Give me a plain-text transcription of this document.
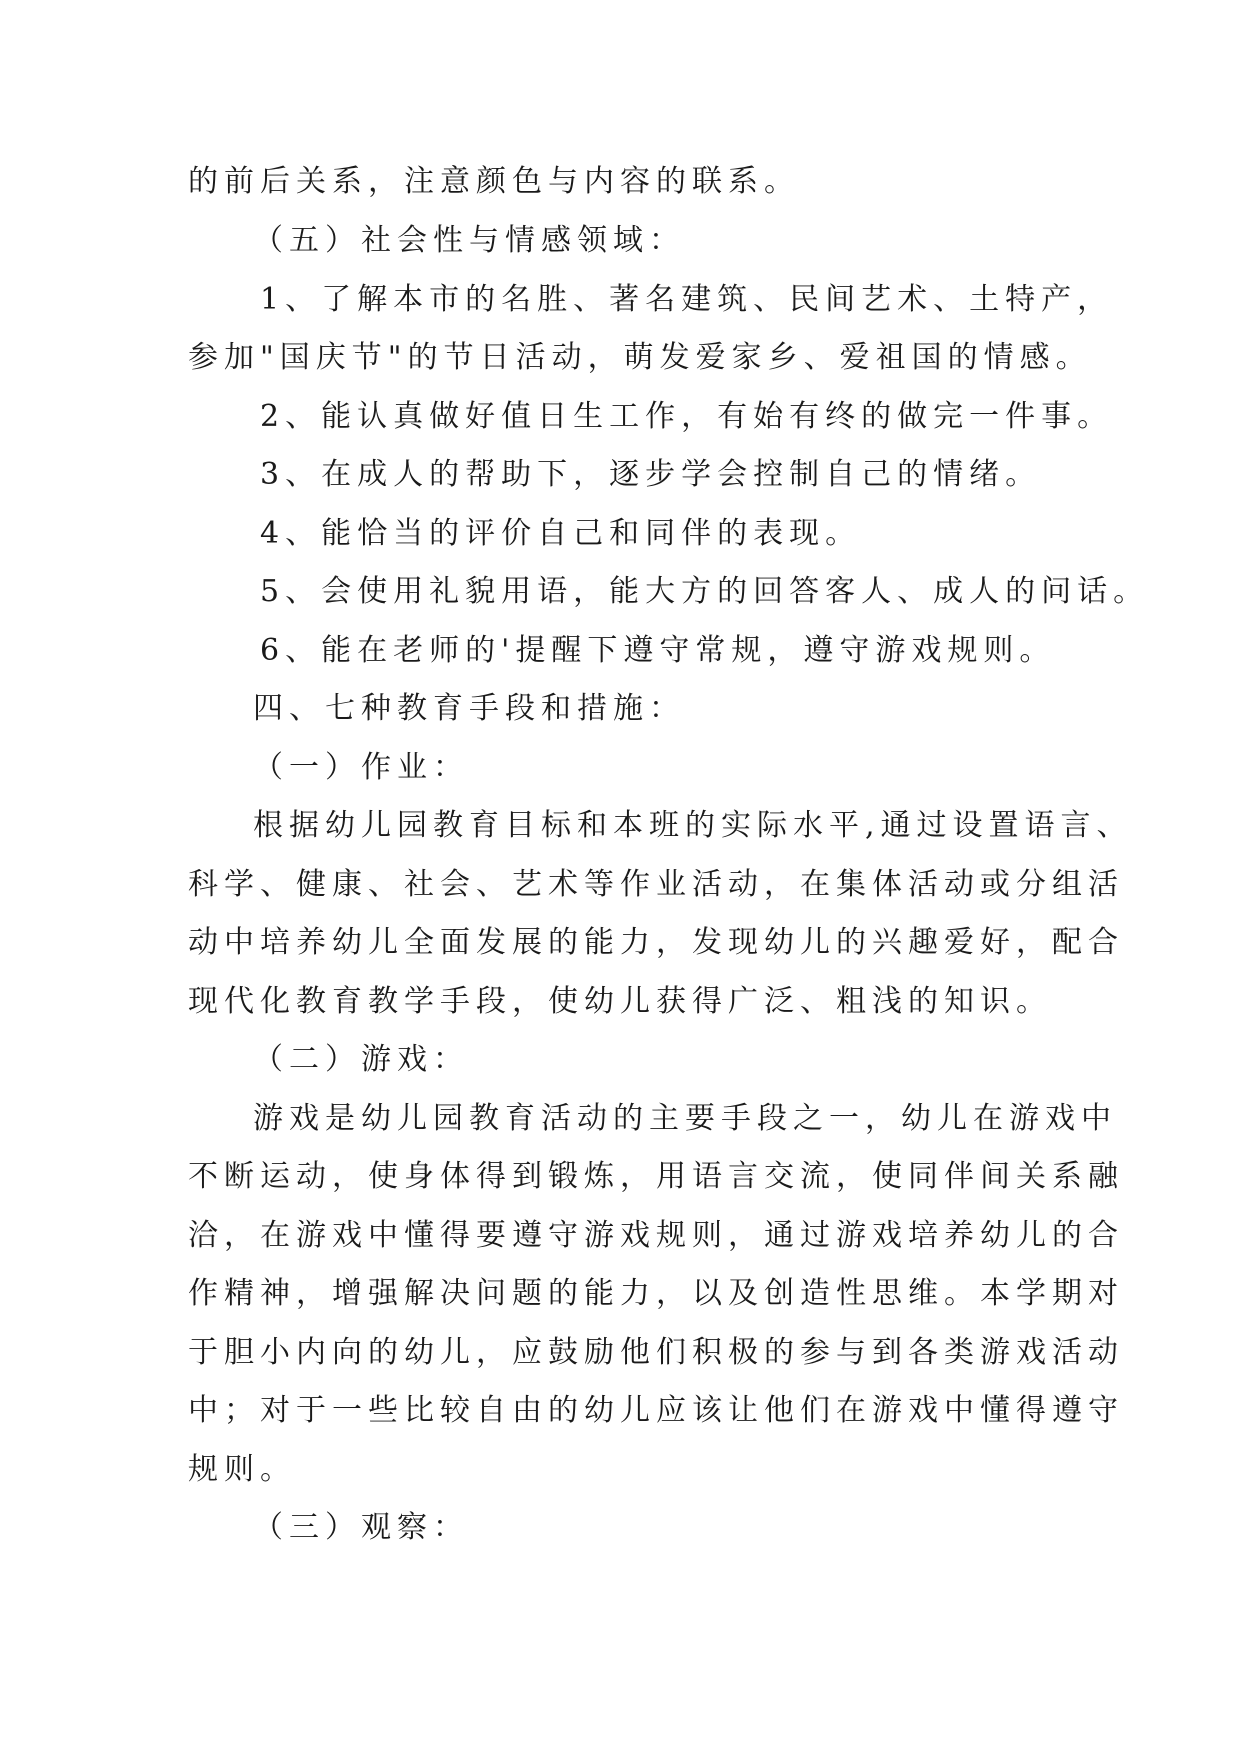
的前后关系，注意颜色与内容的联系。

（五）社会性与情感领域：

1、了解本市的名胜、著名建筑、民间艺术、土特产，

参加"国庆节"的节日活动，萌发爱家乡、爱祖国的情感。

2、能认真做好值日生工作，有始有终的做完一件事。

3、在成人的帮助下，逐步学会控制自己的情绪。

4、能恰当的评价自己和同伴的表现。

5、会使用礼貌用语，能大方的回答客人、成人的问话。

6、能在老师的'提醒下遵守常规，遵守游戏规则。

四、七种教育手段和措施：

（一）作业：

根据幼儿园教育目标和本班的实际水平,通过设置语言、

科学、健康、社会、艺术等作业活动，在集体活动或分组活

动中培养幼儿全面发展的能力，发现幼儿的兴趣爱好，配合

现代化教育教学手段，使幼儿获得广泛、粗浅的知识。

（二）游戏：

游戏是幼儿园教育活动的主要手段之一，幼儿在游戏中

不断运动，使身体得到锻炼，用语言交流，使同伴间关系融

洽，在游戏中懂得要遵守游戏规则，通过游戏培养幼儿的合

作精神，增强解决问题的能力，以及创造性思维。本学期对

于胆小内向的幼儿，应鼓励他们积极的参与到各类游戏活动

中；对于一些比较自由的幼儿应该让他们在游戏中懂得遵守

规则。

（三）观察：
